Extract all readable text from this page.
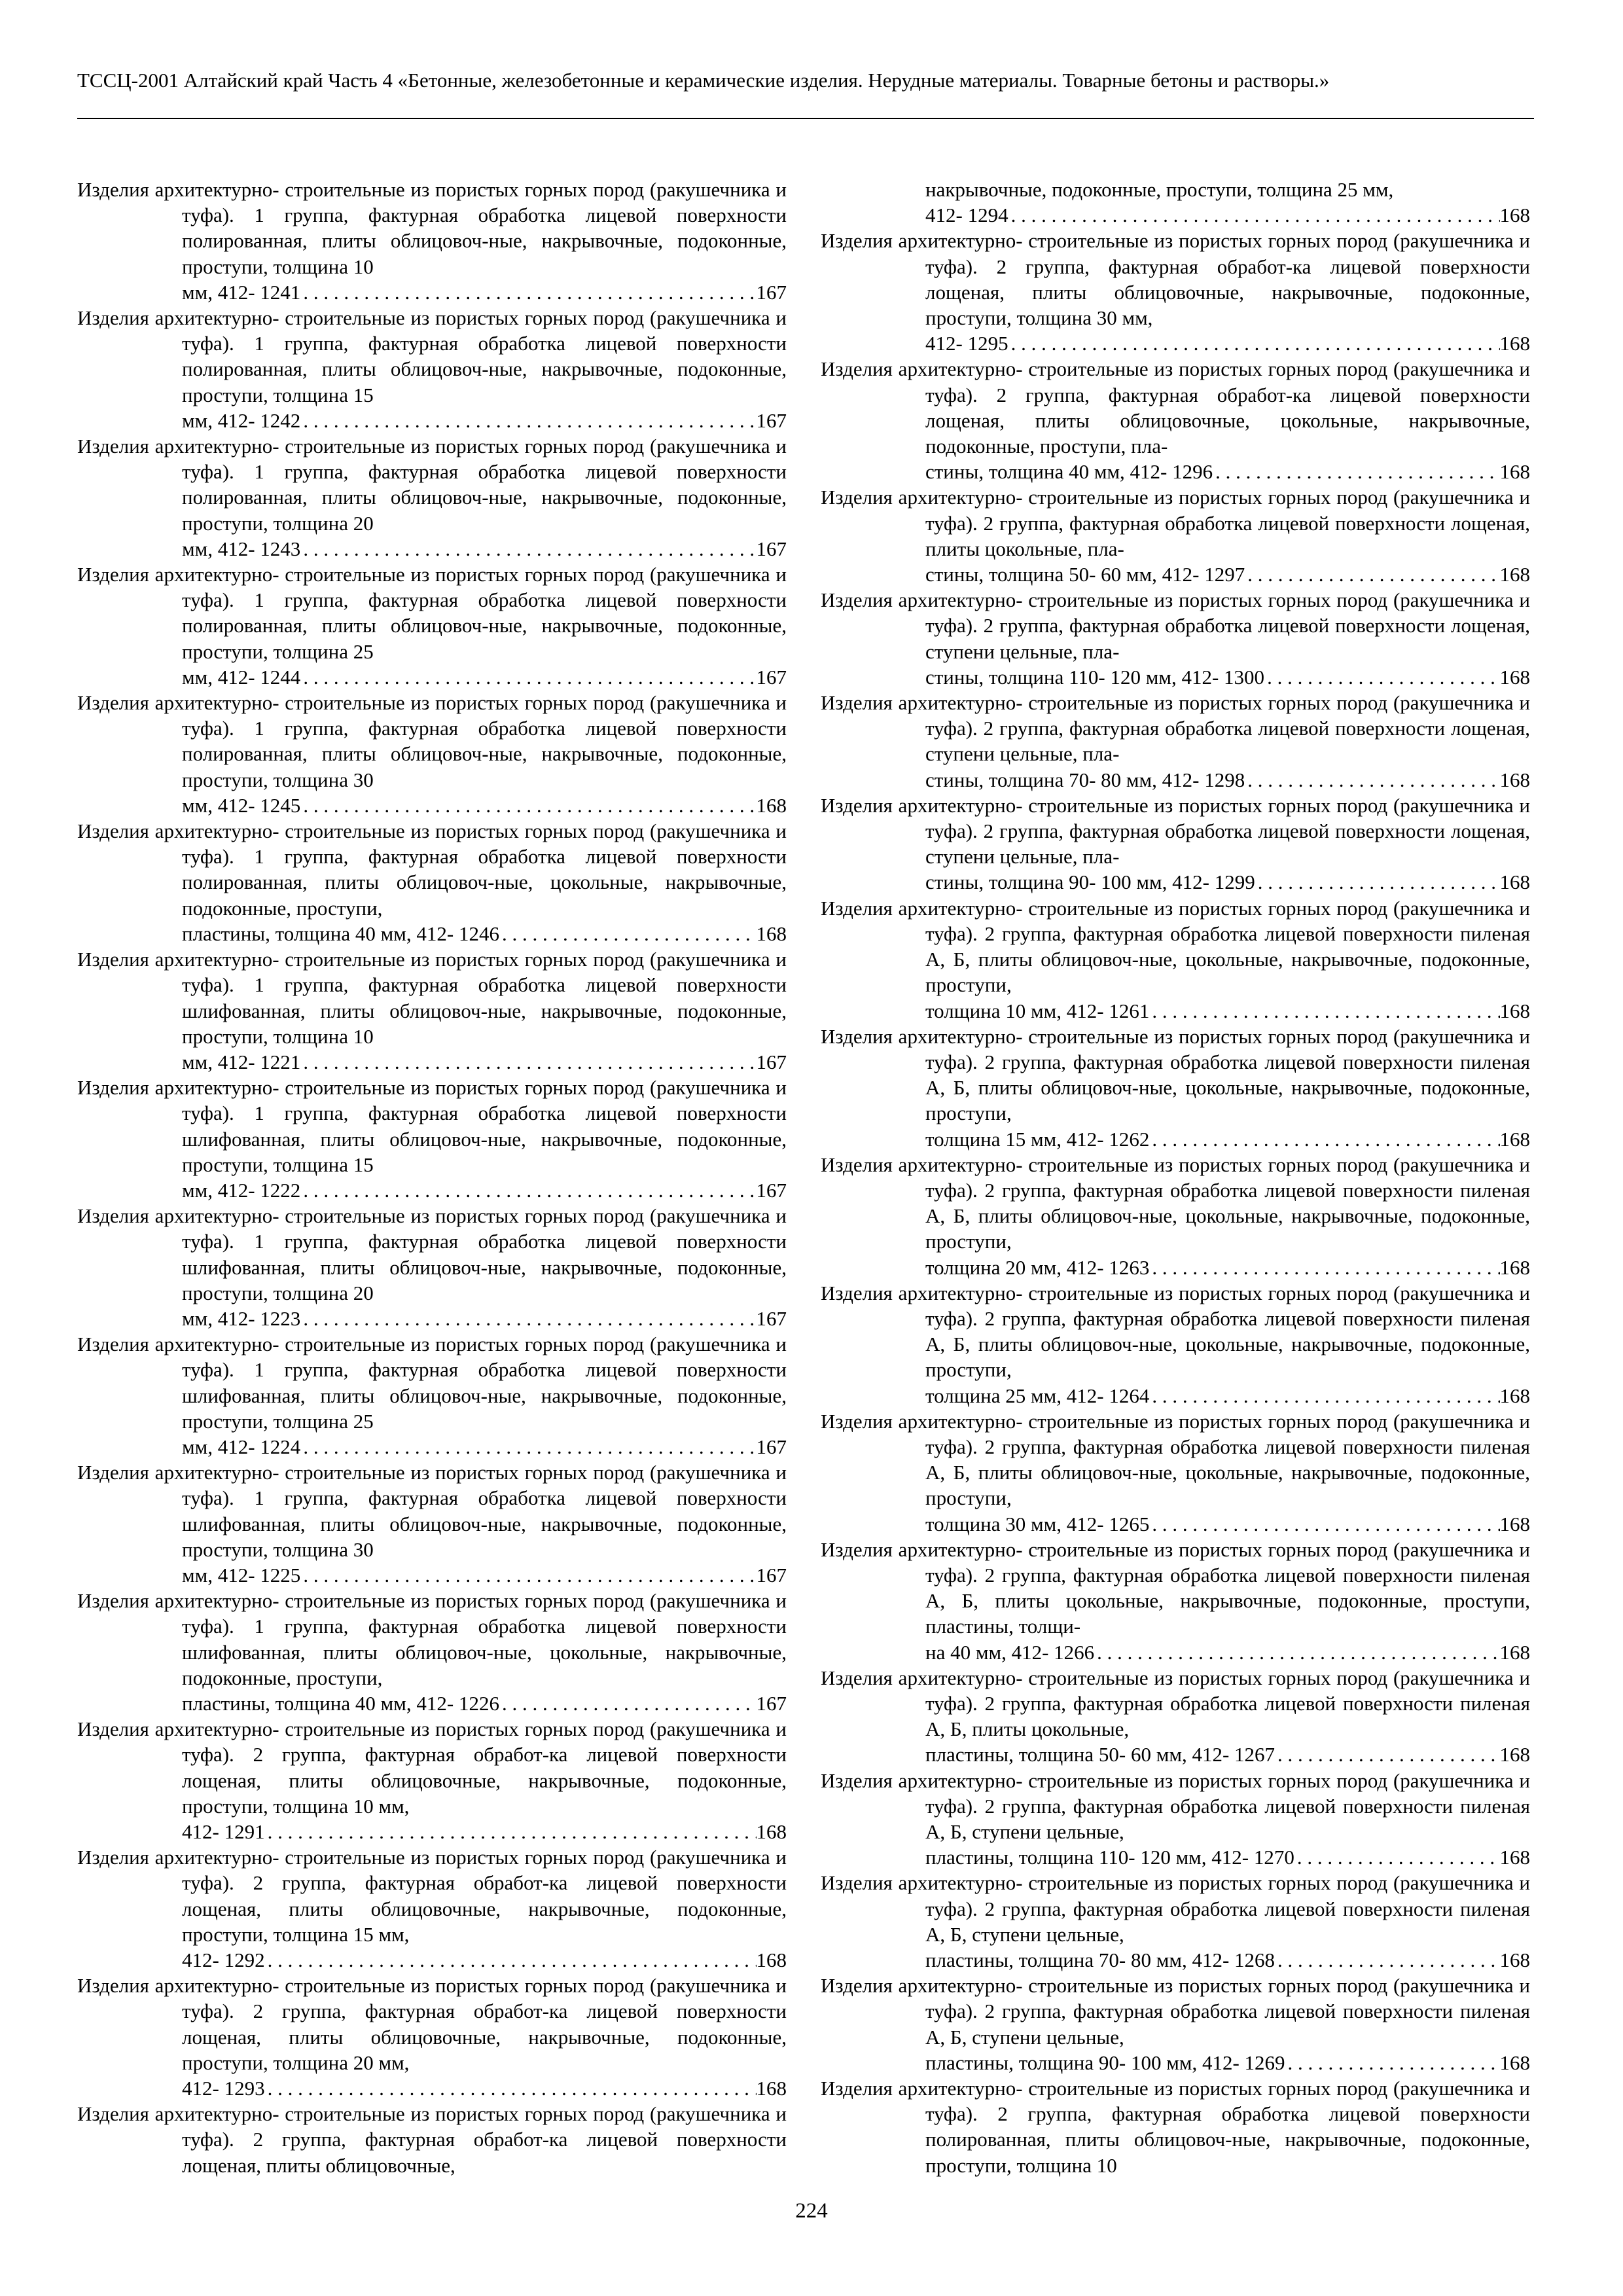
ТССЦ-2001 Алтайский край Часть 4 «Бетонные, железобетонные и керамические изделия. Нерудные материалы. Товарные бетоны и растворы.»
Изделия архитектурно- строительные из пористых горных пород (ракушечника и туфа). 1 группа, фактурная обработка лицевой поверхности полированная, плиты облицовоч-ные, накрывочные, подоконные, проступи, толщина 10
мм, 412- 1241 . . .	167
Изделия архитектурно- строительные из пористых горных пород (ракушечника и туфа). 1 группа, фактурная обработка лицевой поверхности полированная, плиты облицовоч-ные, накрывочные, подоконные, проступи, толщина 15
мм, 412- 1242 . . .	167
Изделия архитектурно- строительные из пористых горных пород (ракушечника и туфа). 1 группа, фактурная обработка лицевой поверхности полированная, плиты облицовоч-ные, накрывочные, подоконные, проступи, толщина 20
мм, 412- 1243 . . .	167
Изделия архитектурно- строительные из пористых горных пород (ракушечника и туфа). 1 группа, фактурная обработка лицевой поверхности полированная, плиты облицовоч-ные, накрывочные, подоконные, проступи, толщина 25
мм, 412- 1244 . . .	167
Изделия архитектурно- строительные из пористых горных пород (ракушечника и туфа). 1 группа, фактурная обработка лицевой поверхности полированная, плиты облицовоч-ные, накрывочные, подоконные, проступи, толщина 30
мм, 412- 1245 . . .	168
Изделия архитектурно- строительные из пористых горных пород (ракушечника и туфа). 1 группа, фактурная обработка лицевой поверхности полированная, плиты облицовоч-ные, цокольные, накрывочные, подоконные, проступи,
пластины, толщина 40 мм, 412- 1246 . . .	168
Изделия архитектурно- строительные из пористых горных пород (ракушечника и туфа). 1 группа, фактурная обработка лицевой поверхности шлифованная, плиты облицовоч-ные, накрывочные, подоконные, проступи, толщина 10
мм, 412- 1221 . . .	167
Изделия архитектурно- строительные из пористых горных пород (ракушечника и туфа). 1 группа, фактурная обработка лицевой поверхности шлифованная, плиты облицовоч-ные, накрывочные, подоконные, проступи, толщина 15
мм, 412- 1222 . . .	167
Изделия архитектурно- строительные из пористых горных пород (ракушечника и туфа). 1 группа, фактурная обработка лицевой поверхности шлифованная, плиты облицовоч-ные, накрывочные, подоконные, проступи, толщина 20
мм, 412- 1223 . . .	167
Изделия архитектурно- строительные из пористых горных пород (ракушечника и туфа). 1 группа, фактурная обработка лицевой поверхности шлифованная, плиты облицовоч-ные, накрывочные, подоконные, проступи, толщина 25
мм, 412- 1224 . . .	167
Изделия архитектурно- строительные из пористых горных пород (ракушечника и туфа). 1 группа, фактурная обработка лицевой поверхности шлифованная, плиты облицовоч-ные, накрывочные, подоконные, проступи, толщина 30
мм, 412- 1225 . . .	167
Изделия архитектурно- строительные из пористых горных пород (ракушечника и туфа). 1 группа, фактурная обработка лицевой поверхности шлифованная, плиты облицовоч-ные, цокольные, накрывочные, подоконные, проступи,
пластины, толщина 40 мм, 412- 1226 . . .	167
Изделия архитектурно- строительные из пористых горных пород (ракушечника и туфа). 2 группа, фактурная обработ-ка лицевой поверхности лощеная, плиты облицовочные, накрывочные, подоконные, проступи, толщина 10 мм,
412- 1291 . . .	168
Изделия архитектурно- строительные из пористых горных пород (ракушечника и туфа). 2 группа, фактурная обработ-ка лицевой поверхности лощеная, плиты облицовочные, накрывочные, подоконные, проступи, толщина 15 мм,
412- 1292 . . .	168
Изделия архитектурно- строительные из пористых горных пород (ракушечника и туфа). 2 группа, фактурная обработ-ка лицевой поверхности лощеная, плиты облицовочные, накрывочные, подоконные, проступи, толщина 20 мм,
412- 1293 . . .	168
Изделия архитектурно- строительные из пористых горных пород (ракушечника и туфа). 2 группа, фактурная обработ-ка лицевой поверхности лощеная, плиты облицовочные,
накрывочные, подоконные, проступи, толщина 25 мм,
412- 1294 . . .	168
Изделия архитектурно- строительные из пористых горных пород (ракушечника и туфа). 2 группа, фактурная обработ-ка лицевой поверхности лощеная, плиты облицовочные, накрывочные, подоконные, проступи, толщина 30 мм,
412- 1295 . . .	168
Изделия архитектурно- строительные из пористых горных пород (ракушечника и туфа). 2 группа, фактурная обработ-ка лицевой поверхности лощеная, плиты облицовочные, цокольные, накрывочные, подоконные, проступи, пла-
стины, толщина 40 мм, 412- 1296 . . .	168
Изделия архитектурно- строительные из пористых горных пород (ракушечника и туфа). 2 группа, фактурная обработка лицевой поверхности лощеная, плиты цокольные, пла-
стины, толщина 50- 60 мм, 412- 1297 . . .	168
Изделия архитектурно- строительные из пористых горных пород (ракушечника и туфа). 2 группа, фактурная обработка лицевой поверхности лощеная, ступени цельные, пла-
стины, толщина 110- 120 мм, 412- 1300 . . .	168
Изделия архитектурно- строительные из пористых горных пород (ракушечника и туфа). 2 группа, фактурная обработка лицевой поверхности лощеная, ступени цельные, пла-
стины, толщина 70- 80 мм, 412- 1298 . . .	168
Изделия архитектурно- строительные из пористых горных пород (ракушечника и туфа). 2 группа, фактурная обработка лицевой поверхности лощеная, ступени цельные, пла-
стины, толщина 90- 100 мм, 412- 1299 . . .	168
Изделия архитектурно- строительные из пористых горных пород (ракушечника и туфа). 2 группа, фактурная обработка лицевой поверхности пиленая А, Б, плиты облицовоч-ные, цокольные, накрывочные, подоконные, проступи,
толщина 10 мм, 412- 1261 . . .	168
Изделия архитектурно- строительные из пористых горных пород (ракушечника и туфа). 2 группа, фактурная обработка лицевой поверхности пиленая А, Б, плиты облицовоч-ные, цокольные, накрывочные, подоконные, проступи,
толщина 15 мм, 412- 1262 . . .	168
Изделия архитектурно- строительные из пористых горных пород (ракушечника и туфа). 2 группа, фактурная обработка лицевой поверхности пиленая А, Б, плиты облицовоч-ные, цокольные, накрывочные, подоконные, проступи,
толщина 20 мм, 412- 1263 . . .	168
Изделия архитектурно- строительные из пористых горных пород (ракушечника и туфа). 2 группа, фактурная обработка лицевой поверхности пиленая А, Б, плиты облицовоч-ные, цокольные, накрывочные, подоконные, проступи,
толщина 25 мм, 412- 1264 . . .	168
Изделия архитектурно- строительные из пористых горных пород (ракушечника и туфа). 2 группа, фактурная обработка лицевой поверхности пиленая А, Б, плиты облицовоч-ные, цокольные, накрывочные, подоконные, проступи,
толщина 30 мм, 412- 1265 . . .	168
Изделия архитектурно- строительные из пористых горных пород (ракушечника и туфа). 2 группа, фактурная обработка лицевой поверхности пиленая А, Б, плиты цокольные, накрывочные, подоконные, проступи, пластины, толщи-
на 40 мм, 412- 1266 . . .	168
Изделия архитектурно- строительные из пористых горных пород (ракушечника и туфа). 2 группа, фактурная обработка лицевой поверхности пиленая А, Б, плиты цокольные,
пластины, толщина 50- 60 мм, 412- 1267 . . .	168
Изделия архитектурно- строительные из пористых горных пород (ракушечника и туфа). 2 группа, фактурная обработка лицевой поверхности пиленая А, Б, ступени цельные,
пластины, толщина 110- 120 мм, 412- 1270 . . .	168
Изделия архитектурно- строительные из пористых горных пород (ракушечника и туфа). 2 группа, фактурная обработка лицевой поверхности пиленая А, Б, ступени цельные,
пластины, толщина 70- 80 мм, 412- 1268 . . .	168
Изделия архитектурно- строительные из пористых горных пород (ракушечника и туфа). 2 группа, фактурная обработка лицевой поверхности пиленая А, Б, ступени цельные,
пластины, толщина 90- 100 мм, 412- 1269 . . .	168
Изделия архитектурно- строительные из пористых горных пород (ракушечника и туфа). 2 группа, фактурная обработка лицевой поверхности полированная, плиты облицовоч-ные, накрывочные, подоконные, проступи, толщина 10
224
